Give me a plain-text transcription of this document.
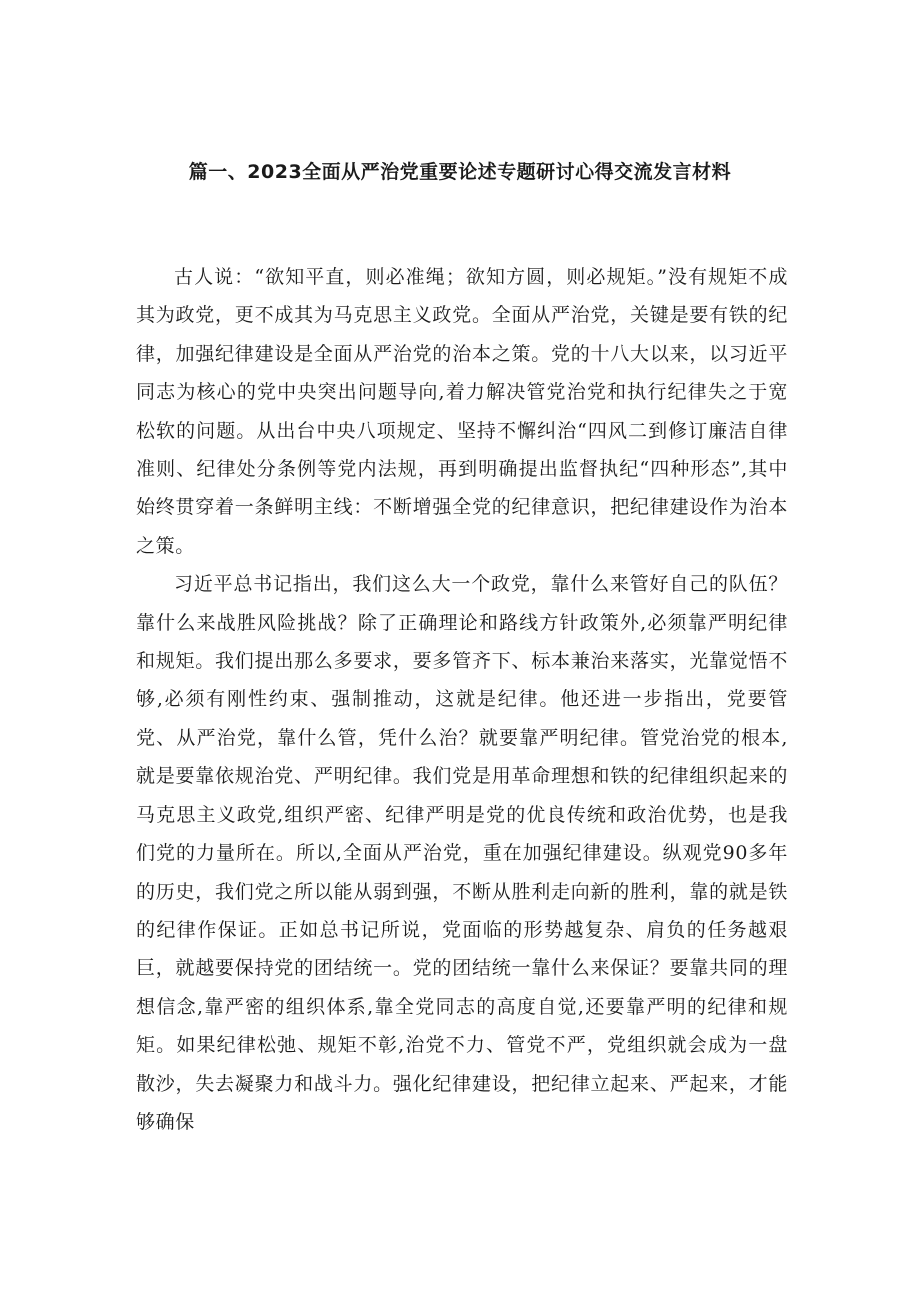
篇一、2023全面从严治党重要论述专题研讨心得交流发言材料

古人说：“欲知平直，则必准绳；欲知方圆，则必规矩。”没有规矩不成其为政党，更不成其为马克思主义政党。全面从严治党，关键是要有铁的纪律，加强纪律建设是全面从严治党的治本之策。党的十八大以来，以习近平同志为核心的党中央突出问题导向,着力解决管党治党和执行纪律失之于宽松软的问题。从出台中央八项规定、坚持不懈纠治“四风二到修订廉洁自律准则、纪律处分条例等党内法规，再到明确提出监督执纪“四种形态”,其中始终贯穿着一条鲜明主线：不断增强全党的纪律意识，把纪律建设作为治本之策。

习近平总书记指出，我们这么大一个政党，靠什么来管好自己的队伍？靠什么来战胜风险挑战？除了正确理论和路线方针政策外,必须靠严明纪律和规矩。我们提出那么多要求，要多管齐下、标本兼治来落实，光靠觉悟不够,必须有刚性约束、强制推动，这就是纪律。他还进一步指出，党要管党、从严治党，靠什么管，凭什么治？就要靠严明纪律。管党治党的根本,就是要靠依规治党、严明纪律。我们党是用革命理想和铁的纪律组织起来的马克思主义政党,组织严密、纪律严明是党的优良传统和政治优势，也是我们党的力量所在。所以,全面从严治党，重在加强纪律建设。纵观党90多年的历史，我们党之所以能从弱到强，不断从胜利走向新的胜利，靠的就是铁的纪律作保证。正如总书记所说，党面临的形势越复杂、肩负的任务越艰巨，就越要保持党的团结统一。党的团结统一靠什么来保证？要靠共同的理想信念,靠严密的组织体系,靠全党同志的高度自觉,还要靠严明的纪律和规矩。如果纪律松弛、规矩不彰,治党不力、管党不严，党组织就会成为一盘散沙，失去凝聚力和战斗力。强化纪律建设，把纪律立起来、严起来，才能够确保
